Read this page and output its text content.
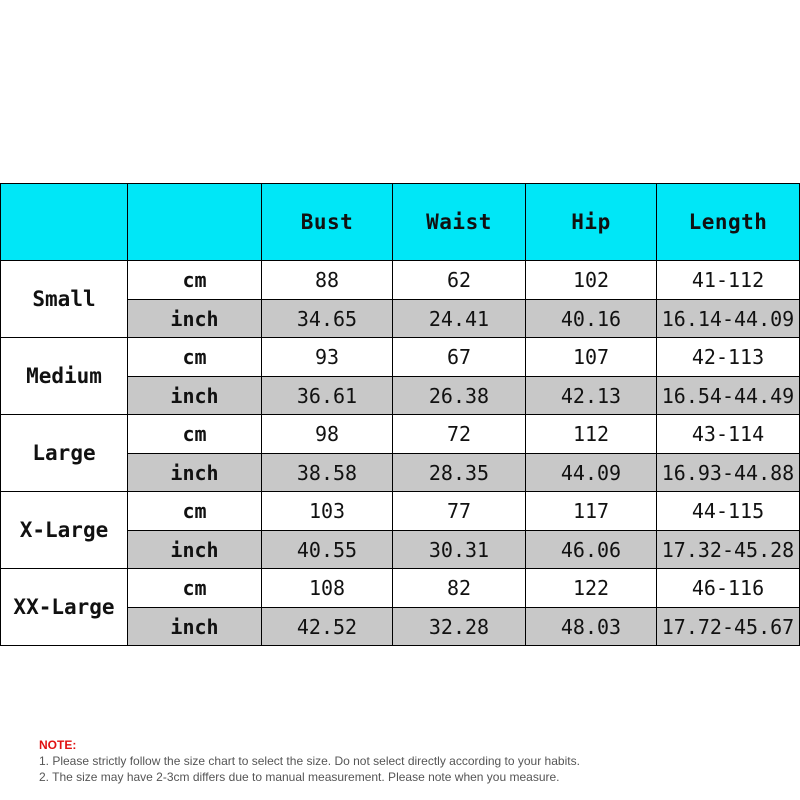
		Bust	Waist	Hip	Length
Small	cm	88	62	102	41-112
	inch	34.65	24.41	40.16	16.14-44.09
Medium	cm	93	67	107	42-113
	inch	36.61	26.38	42.13	16.54-44.49
Large	cm	98	72	112	43-114
	inch	38.58	28.35	44.09	16.93-44.88
X-Large	cm	103	77	117	44-115
	inch	40.55	30.31	46.06	17.32-45.28
XX-Large	cm	108	82	122	46-116
	inch	42.52	32.28	48.03	17.72-45.67
NOTE:
1. Please strictly follow the size chart to select the size. Do not select directly according to your habits.
2. The size may have 2-3cm differs due to manual measurement. Please note when you measure.
